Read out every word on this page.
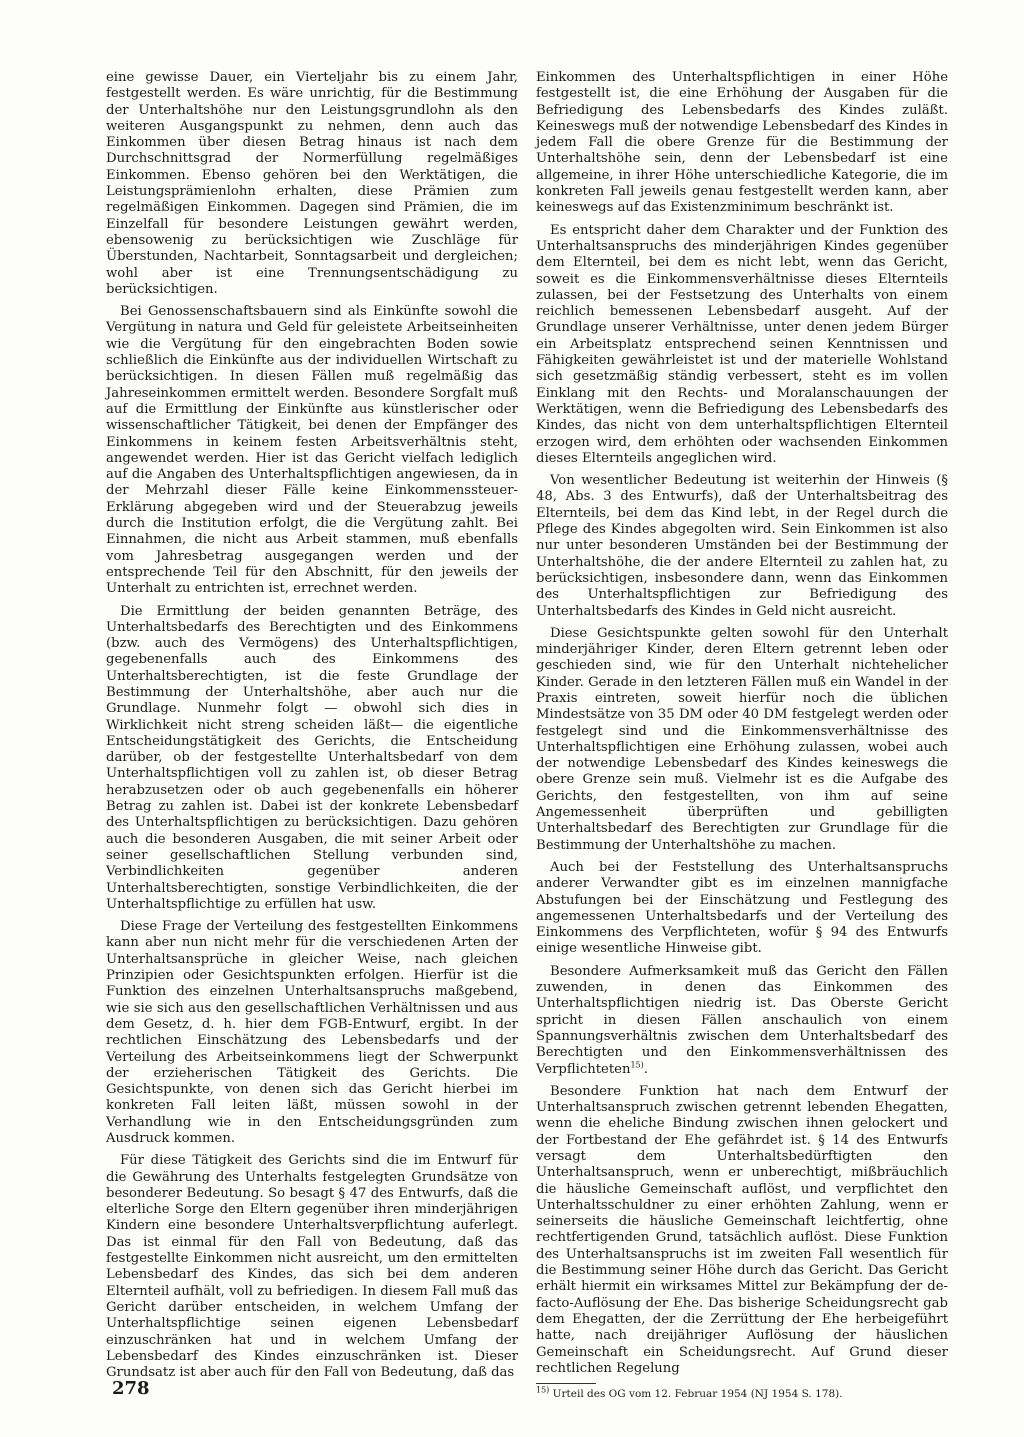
eine gewisse Dauer, ein Vierteljahr bis zu einem Jahr, festgestellt werden. Es wäre unrichtig, für die Bestimmung der Unterhaltshöhe nur den Leistungsgrundlohn als den weiteren Ausgangspunkt zu nehmen, denn auch das Einkommen über diesen Betrag hinaus ist nach dem Durchschnittsgrad der Normerfüllung regelmäßiges Einkommen. Ebenso gehören bei den Werktätigen, die Leistungsprämienlohn erhalten, diese Prämien zum regelmäßigen Einkommen. Dagegen sind Prämien, die im Einzelfall für besondere Leistungen gewährt werden, ebensowenig zu berücksichtigen wie Zuschläge für Überstunden, Nachtarbeit, Sonntagsarbeit und dergleichen; wohl aber ist eine Trennungsentschädigung zu berücksichtigen.

Bei Genossenschaftsbauern sind als Einkünfte sowohl die Vergütung in natura und Geld für geleistete Arbeitseinheiten wie die Vergütung für den eingebrachten Boden sowie schließlich die Einkünfte aus der individuellen Wirtschaft zu berücksichtigen. In diesen Fällen muß regelmäßig das Jahreseinkommen ermittelt werden. Besondere Sorgfalt muß auf die Ermittlung der Einkünfte aus künstlerischer oder wissenschaftlicher Tätigkeit, bei denen der Empfänger des Einkommens in keinem festen Arbeitsverhältnis steht, angewendet werden. Hier ist das Gericht vielfach lediglich auf die Angaben des Unterhaltspflichtigen angewiesen, da in der Mehrzahl dieser Fälle keine Einkommenssteuer-Erklärung abgegeben wird und der Steuerabzug jeweils durch die Institution erfolgt, die die Vergütung zahlt. Bei Einnahmen, die nicht aus Arbeit stammen, muß ebenfalls vom Jahresbetrag ausgegangen werden und der entsprechende Teil für den Abschnitt, für den jeweils der Unterhalt zu entrichten ist, errechnet werden.

Die Ermittlung der beiden genannten Beträge, des Unterhaltsbedarfs des Berechtigten und des Einkommens (bzw. auch des Vermögens) des Unterhaltspflichtigen, gegebenenfalls auch des Einkommens des Unterhaltsberechtigten, ist die feste Grundlage der Bestimmung der Unterhaltshöhe, aber auch nur die Grundlage. Nunmehr folgt — obwohl sich dies in Wirklichkeit nicht streng scheiden läßt— die eigentliche Entscheidungstätigkeit des Gerichts, die Entscheidung darüber, ob der festgestellte Unterhaltsbedarf von dem Unterhaltspflichtigen voll zu zahlen ist, ob dieser Betrag herabzusetzen oder ob auch gegebenenfalls ein höherer Betrag zu zahlen ist. Dabei ist der konkrete Lebensbedarf des Unterhaltspflichtigen zu berücksichtigen. Dazu gehören auch die besonderen Ausgaben, die mit seiner Arbeit oder seiner gesellschaftlichen Stellung verbunden sind, Verbindlichkeiten gegenüber anderen Unterhaltsberechtigten, sonstige Verbindlichkeiten, die der Unterhaltspflichtige zu erfüllen hat usw.

Diese Frage der Verteilung des festgestellten Einkommens kann aber nun nicht mehr für die verschiedenen Arten der Unterhaltsansprüche in gleicher Weise, nach gleichen Prinzipien oder Gesichtspunkten erfolgen. Hierfür ist die Funktion des einzelnen Unterhaltsanspruchs maßgebend, wie sie sich aus den gesellschaftlichen Verhältnissen und aus dem Gesetz, d. h. hier dem FGB-Entwurf, ergibt. In der rechtlichen Einschätzung des Lebensbedarfs und der Verteilung des Arbeitseinkommens liegt der Schwerpunkt der erzieherischen Tätigkeit des Gerichts. Die Gesichtspunkte, von denen sich das Gericht hierbei im konkreten Fall leiten läßt, müssen sowohl in der Verhandlung wie in den Entscheidungsgründen zum Ausdruck kommen.

Für diese Tätigkeit des Gerichts sind die im Entwurf für die Gewährung des Unterhalts festgelegten Grundsätze von besonderer Bedeutung. So besagt § 47 des Entwurfs, daß die elterliche Sorge den Eltern gegenüber ihren minderjährigen Kindern eine besondere Unterhaltsverpflichtung auferlegt. Das ist einmal für den Fall von Bedeutung, daß das festgestellte Einkommen nicht ausreicht, um den ermittelten Lebensbedarf des Kindes, das sich bei dem anderen Elternteil aufhält, voll zu befriedigen. In diesem Fall muß das Gericht darüber entscheiden, in welchem Umfang der Unterhaltspflichtige seinen eigenen Lebensbedarf einzuschränken hat und in welchem Umfang der Lebensbedarf des Kindes einzuschränken ist. Dieser Grundsatz ist aber auch für den Fall von Bedeutung, daß das

Einkommen des Unterhaltspflichtigen in einer Höhe festgestellt ist, die eine Erhöhung der Ausgaben für die Befriedigung des Lebensbedarfs des Kindes zuläßt. Keineswegs muß der notwendige Lebensbedarf des Kindes in jedem Fall die obere Grenze für die Bestimmung der Unterhaltshöhe sein, denn der Lebensbedarf ist eine allgemeine, in ihrer Höhe unterschiedliche Kategorie, die im konkreten Fall jeweils genau festgestellt werden kann, aber keineswegs auf das Existenzminimum beschränkt ist.

Es entspricht daher dem Charakter und der Funktion des Unterhaltsanspruchs des minderjährigen Kindes gegenüber dem Elternteil, bei dem es nicht lebt, wenn das Gericht, soweit es die Einkommensverhältnisse dieses Elternteils zulassen, bei der Festsetzung des Unterhalts von einem reichlich bemessenen Lebensbedarf ausgeht. Auf der Grundlage unserer Verhältnisse, unter denen jedem Bürger ein Arbeitsplatz entsprechend seinen Kenntnissen und Fähigkeiten gewährleistet ist und der materielle Wohlstand sich gesetzmäßig ständig verbessert, steht es im vollen Einklang mit den Rechts- und Moralanschauungen der Werktätigen, wenn die Befriedigung des Lebensbedarfs des Kindes, das nicht von dem unterhaltspflichtigen Elternteil erzogen wird, dem erhöhten oder wachsenden Einkommen dieses Elternteils angeglichen wird.

Von wesentlicher Bedeutung ist weiterhin der Hinweis (§ 48, Abs. 3 des Entwurfs), daß der Unterhaltsbeitrag des Elternteils, bei dem das Kind lebt, in der Regel durch die Pflege des Kindes abgegolten wird. Sein Einkommen ist also nur unter besonderen Umständen bei der Bestimmung der Unterhaltshöhe, die der andere Elternteil zu zahlen hat, zu berücksichtigen, insbesondere dann, wenn das Einkommen des Unterhaltspflichtigen zur Befriedigung des Unterhaltsbedarfs des Kindes in Geld nicht ausreicht.

Diese Gesichtspunkte gelten sowohl für den Unterhalt minderjähriger Kinder, deren Eltern getrennt leben oder geschieden sind, wie für den Unterhalt nichtehelicher Kinder. Gerade in den letzteren Fällen muß ein Wandel in der Praxis eintreten, soweit hierfür noch die üblichen Mindestsätze von 35 DM oder 40 DM festgelegt werden oder festgelegt sind und die Einkommensverhältnisse des Unterhaltspflichtigen eine Erhöhung zulassen, wobei auch der notwendige Lebensbedarf des Kindes keineswegs die obere Grenze sein muß. Vielmehr ist es die Aufgabe des Gerichts, den festgestellten, von ihm auf seine Angemessenheit überprüften und gebilligten Unterhaltsbedarf des Berechtigten zur Grundlage für die Bestimmung der Unterhaltshöhe zu machen.

Auch bei der Feststellung des Unterhaltsanspruchs anderer Verwandter gibt es im einzelnen mannigfache Abstufungen bei der Einschätzung und Festlegung des angemessenen Unterhaltsbedarfs und der Verteilung des Einkommens des Verpflichteten, wofür § 94 des Entwurfs einige wesentliche Hinweise gibt.

Besondere Aufmerksamkeit muß das Gericht den Fällen zuwenden, in denen das Einkommen des Unterhaltspflichtigen niedrig ist. Das Oberste Gericht spricht in diesen Fällen anschaulich von einem Spannungsverhältnis zwischen dem Unterhaltsbedarf des Berechtigten und den Einkommensverhältnissen des Verpflichteten$^{15)}$.

Besondere Funktion hat nach dem Entwurf der Unterhaltsanspruch zwischen getrennt lebenden Ehegatten, wenn die eheliche Bindung zwischen ihnen gelockert und der Fortbestand der Ehe gefährdet ist. § 14 des Entwurfs versagt dem Unterhaltsbedürftigten den Unterhaltsanspruch, wenn er unberechtigt, mißbräuchlich die häusliche Gemeinschaft auflöst, und verpflichtet den Unterhaltsschuldner zu einer erhöhten Zahlung, wenn er seinerseits die häusliche Gemeinschaft leichtfertig, ohne rechtfertigenden Grund, tatsächlich auflöst. Diese Funktion des Unterhaltsanspruchs ist im zweiten Fall wesentlich für die Bestimmung seiner Höhe durch das Gericht. Das Gericht erhält hiermit ein wirksames Mittel zur Bekämpfung der de-facto-Auflösung der Ehe. Das bisherige Scheidungsrecht gab dem Ehegatten, der die Zerrüttung der Ehe herbeigeführt hatte, nach dreijähriger Auflösung der häuslichen Gemeinschaft ein Scheidungsrecht. Auf Grund dieser rechtlichen Regelung

$^{15)}$ Urteil des OG vom 12. Februar 1954 (NJ 1954 S. 178).

278
